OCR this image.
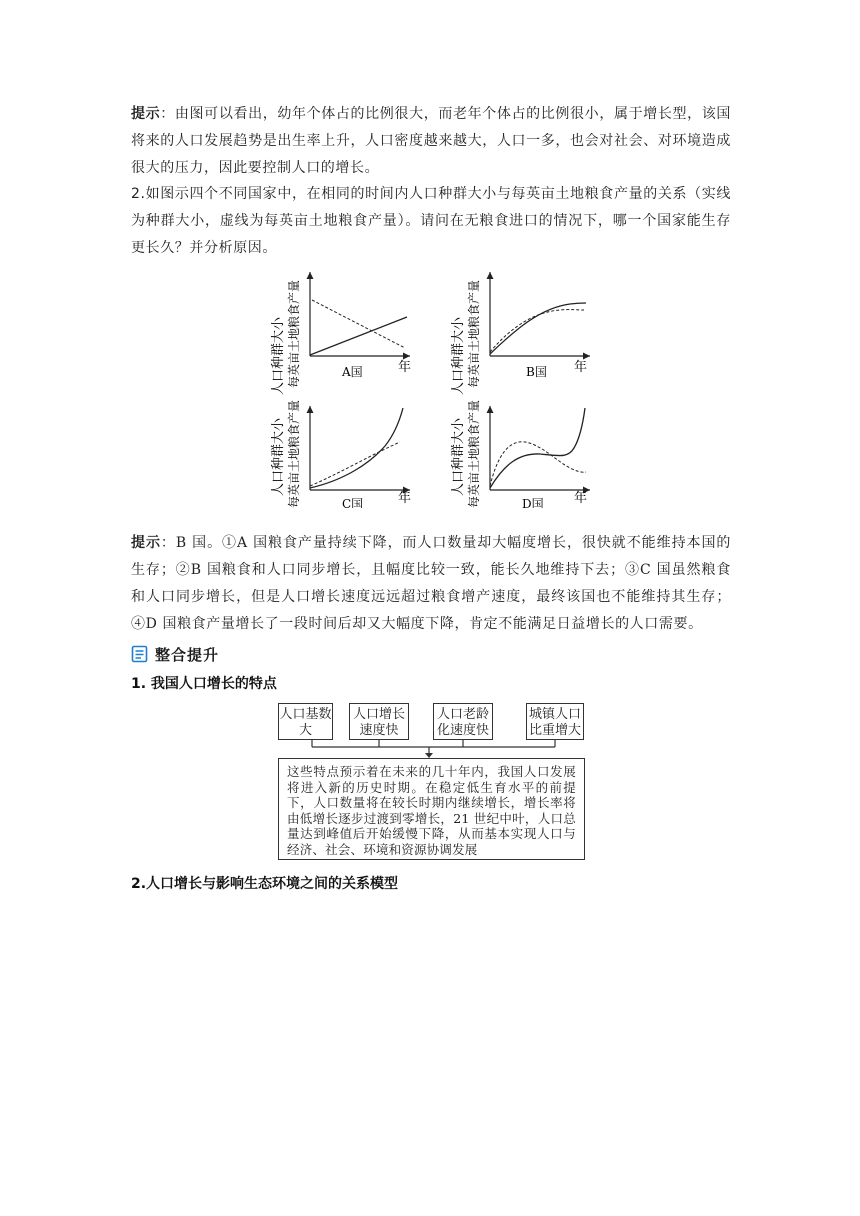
提示：由图可以看出，幼年个体占的比例很大，而老年个体占的比例很小，属于增长型，该国将来的人口发展趋势是出生率上升，人口密度越来越大，人口一多，也会对社会、对环境造成很大的压力，因此要控制人口的增长。

2.如图示四个不同国家中，在相同的时间内人口种群大小与每英亩土地粮食产量的关系（实线为种群大小，虚线为每英亩土地粮食产量）。请问在无粮食进口的情况下，哪一个国家能生存更长久？并分析原因。

人口种群大小 每英亩土地粮食产量	年
A国	人口种群大小 每英亩土地粮食产量	年
B国
人口种群大小 每英亩土地粮食产量	年
C国
人口种群大小 每英亩土地粮食产量	年
D国

提示：B 国。①A 国粮食产量持续下降，而人口数量却大幅度增长，很快就不能维持本国的生存；②B 国粮食和人口同步增长，且幅度比较一致，能长久地维持下去；③C 国虽然粮食和人口同步增长，但是人口增长速度远远超过粮食增产速度，最终该国也不能维持其生存；④D 国粮食产量增长了一段时间后却又大幅度下降，肯定不能满足日益增长的人口需要。

整合提升
1. 我国人口增长的特点
人口基数大
人口增长速度快
人口老龄化速度快
城镇人口比重增大
这些特点预示着在未来的几十年内，我国人口发展将进入新的历史时期。在稳定低生育水平的前提下，人口数量将在较长时期内继续增长，增长率将由低增长逐步过渡到零增长，21 世纪中叶，人口总量达到峰值后开始缓慢下降，从而基本实现人口与经济、社会、环境和资源协调发展
2.人口增长与影响生态环境之间的关系模型
